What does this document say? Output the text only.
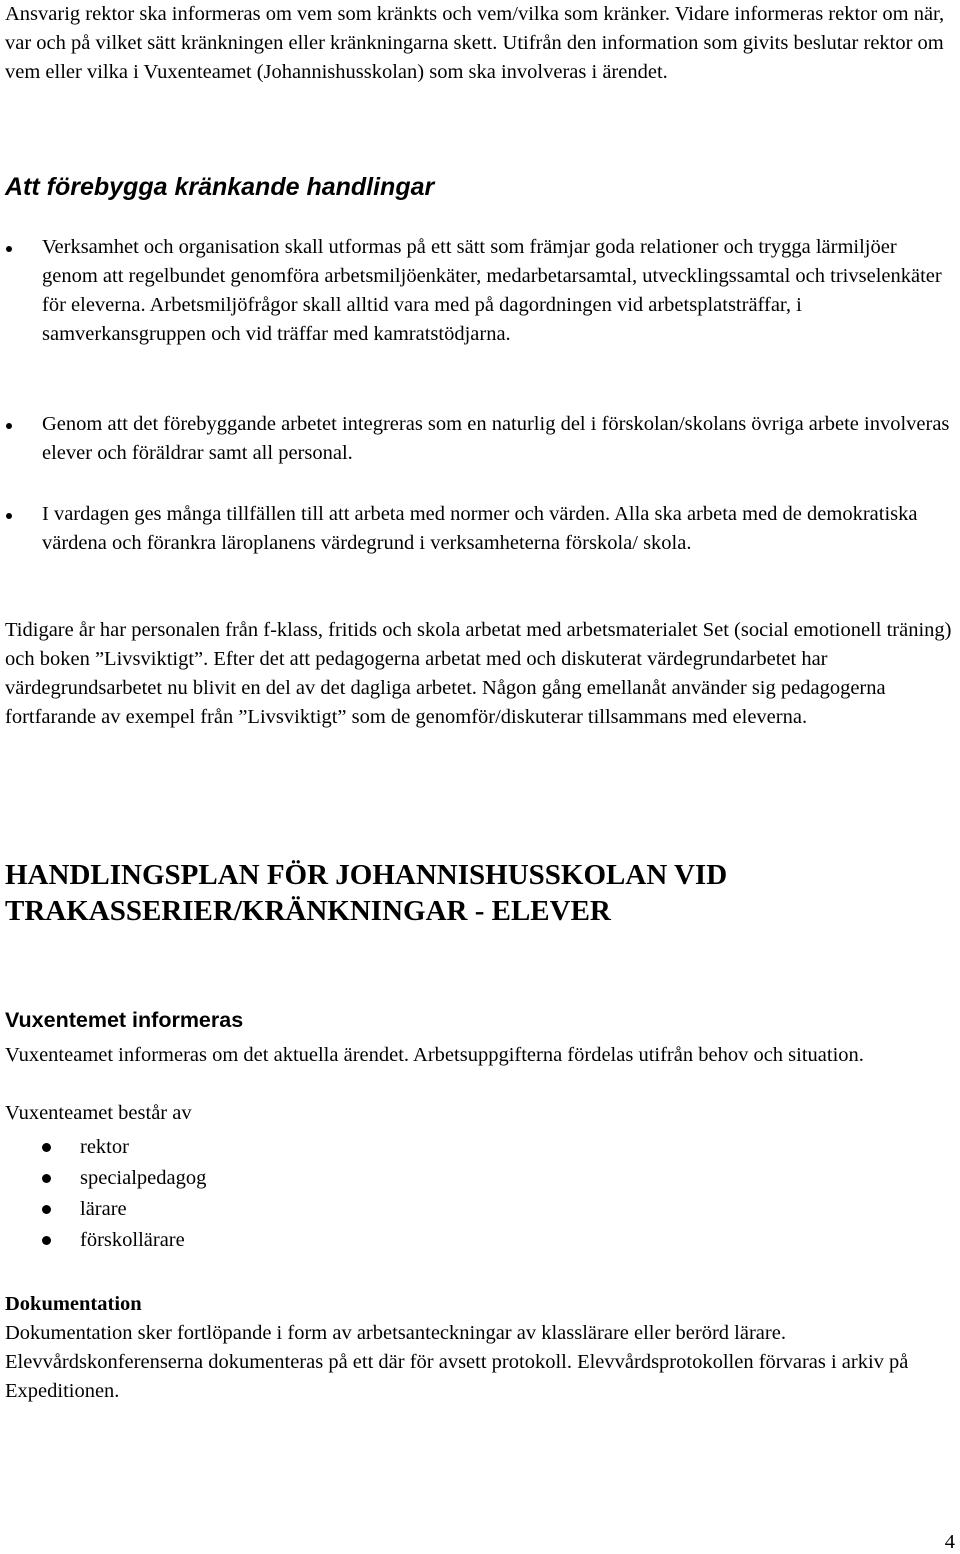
Ansvarig rektor ska informeras om vem som kränkts och vem/vilka som kränker. Vidare informeras rektor om när, var och på vilket sätt kränkningen eller kränkningarna skett. Utifrån den information som givits beslutar rektor om vem eller vilka i Vuxenteamet (Johannishusskolan) som ska involveras i ärendet.

Att förebygga kränkande handlingar
Verksamhet och organisation skall utformas på ett sätt som främjar goda relationer och trygga lärmiljöer genom att regelbundet genomföra arbetsmiljöenkäter, medarbetarsamtal, utvecklingssamtal och trivselenkäter för eleverna. Arbetsmiljöfrågor skall alltid vara med på dagordningen vid arbetsplatsträffar, i samverkansgruppen och vid träffar med kamratstödjarna.
Genom att det förebyggande arbetet integreras som en naturlig del i förskolan/skolans övriga arbete involveras elever och föräldrar samt all personal.
I vardagen ges många tillfällen till att arbeta med normer och värden. Alla ska arbeta med de demokratiska värdena och förankra läroplanens värdegrund i verksamheterna förskola/ skola.

Tidigare år har personalen från f-klass, fritids och skola arbetat med arbetsmaterialet Set (social emotionell träning) och boken ”Livsviktigt”. Efter det att pedagogerna arbetat med och diskuterat värdegrundarbetet har värdegrundsarbetet nu blivit en del av det dagliga arbetet. Någon gång emellanåt använder sig pedagogerna fortfarande av exempel från ”Livsviktigt” som de genomför/diskuterar tillsammans med eleverna.

HANDLINGSPLAN FÖR JOHANNISHUSSKOLAN VID
TRAKASSERIER/KRÄNKNINGAR - ELEVER
Vuxentemet informeras

Vuxenteamet informeras om det aktuella ärendet. Arbetsuppgifterna fördelas utifrån behov och situation.

Vuxenteamet består av

rektor
specialpedagog
lärare
förskollärare
Dokumentation

Dokumentation sker fortlöpande i form av arbetsanteckningar av klasslärare eller berörd lärare. Elevvårdskonferenserna dokumenteras på ett där för avsett protokoll. Elevvårdsprotokollen förvaras i arkiv på Expeditionen.

4
